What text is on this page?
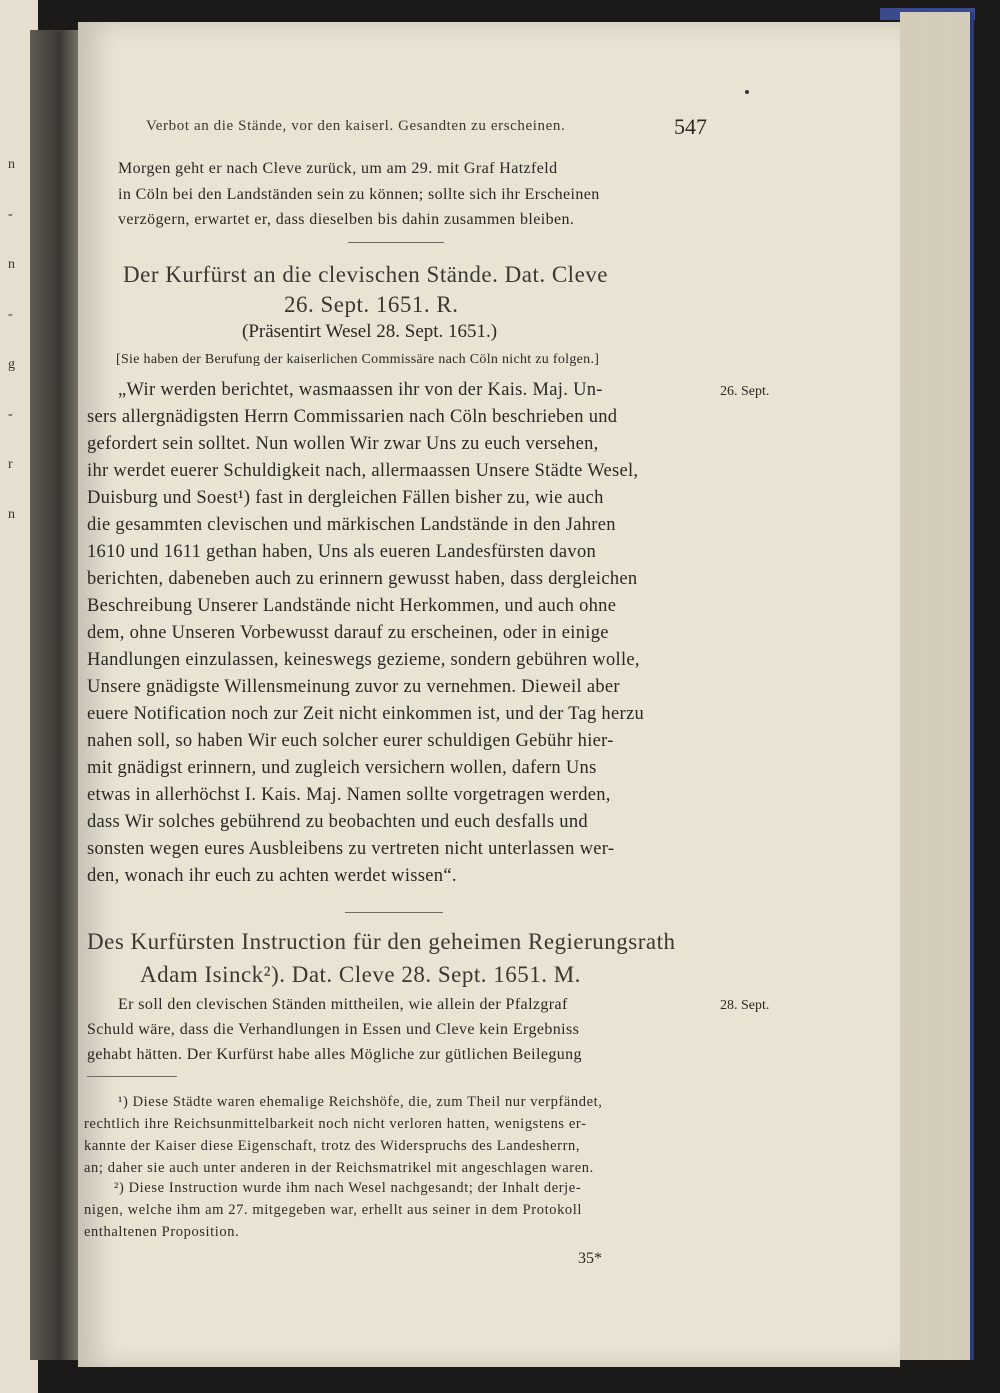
n
-
n
-
g
-
r
n
Verbot an die Stände, vor den kaiserl. Gesandten zu erscheinen.	547
Morgen geht er nach Cleve zurück, um am 29. mit Graf Hatzfeld
in Cöln bei den Landständen sein zu können; sollte sich ihr Erscheinen
verzögern, erwartet er, dass dieselben bis dahin zusammen bleiben.
Der Kurfürst an die clevischen Stände. Dat. Cleve
26. Sept. 1651. R.
(Präsentirt Wesel 28. Sept. 1651.)
[Sie haben der Berufung der kaiserlichen Commissäre nach Cöln nicht zu folgen.]
26. Sept.
„Wir werden berichtet, wasmaassen ihr von der Kais. Maj. Un-
sers allergnädigsten Herrn Commissarien nach Cöln beschrieben und
gefordert sein solltet. Nun wollen Wir zwar Uns zu euch versehen,
ihr werdet euerer Schuldigkeit nach, allermaassen Unsere Städte Wesel,
Duisburg und Soest¹) fast in dergleichen Fällen bisher zu, wie auch
die gesammten clevischen und märkischen Landstände in den Jahren
1610 und 1611 gethan haben, Uns als eueren Landesfürsten davon
berichten, dabeneben auch zu erinnern gewusst haben, dass dergleichen
Beschreibung Unserer Landstände nicht Herkommen, und auch ohne
dem, ohne Unseren Vorbewusst darauf zu erscheinen, oder in einige
Handlungen einzulassen, keineswegs gezieme, sondern gebühren wolle,
Unsere gnädigste Willensmeinung zuvor zu vernehmen. Dieweil aber
euere Notification noch zur Zeit nicht einkommen ist, und der Tag herzu
nahen soll, so haben Wir euch solcher eurer schuldigen Gebühr hier-
mit gnädigst erinnern, und zugleich versichern wollen, dafern Uns
etwas in allerhöchst I. Kais. Maj. Namen sollte vorgetragen werden,
dass Wir solches gebührend zu beobachten und euch desfalls und
sonsten wegen eures Ausbleibens zu vertreten nicht unterlassen wer-
den, wonach ihr euch zu achten werdet wissen“.
Des Kurfürsten Instruction für den geheimen Regierungsrath
Adam Isinck²). Dat. Cleve 28. Sept. 1651. M.
28. Sept.
Er soll den clevischen Ständen mittheilen, wie allein der Pfalzgraf
Schuld wäre, dass die Verhandlungen in Essen und Cleve kein Ergebniss
gehabt hätten. Der Kurfürst habe alles Mögliche zur gütlichen Beilegung
¹) Diese Städte waren ehemalige Reichshöfe, die, zum Theil nur verpfändet,
rechtlich ihre Reichsunmittelbarkeit noch nicht verloren hatten, wenigstens er-
kannte der Kaiser diese Eigenschaft, trotz des Widerspruchs des Landesherrn,
an; daher sie auch unter anderen in der Reichsmatrikel mit angeschlagen waren.
²) Diese Instruction wurde ihm nach Wesel nachgesandt; der Inhalt derje-
nigen, welche ihm am 27. mitgegeben war, erhellt aus seiner in dem Protokoll
enthaltenen Proposition.
35*
